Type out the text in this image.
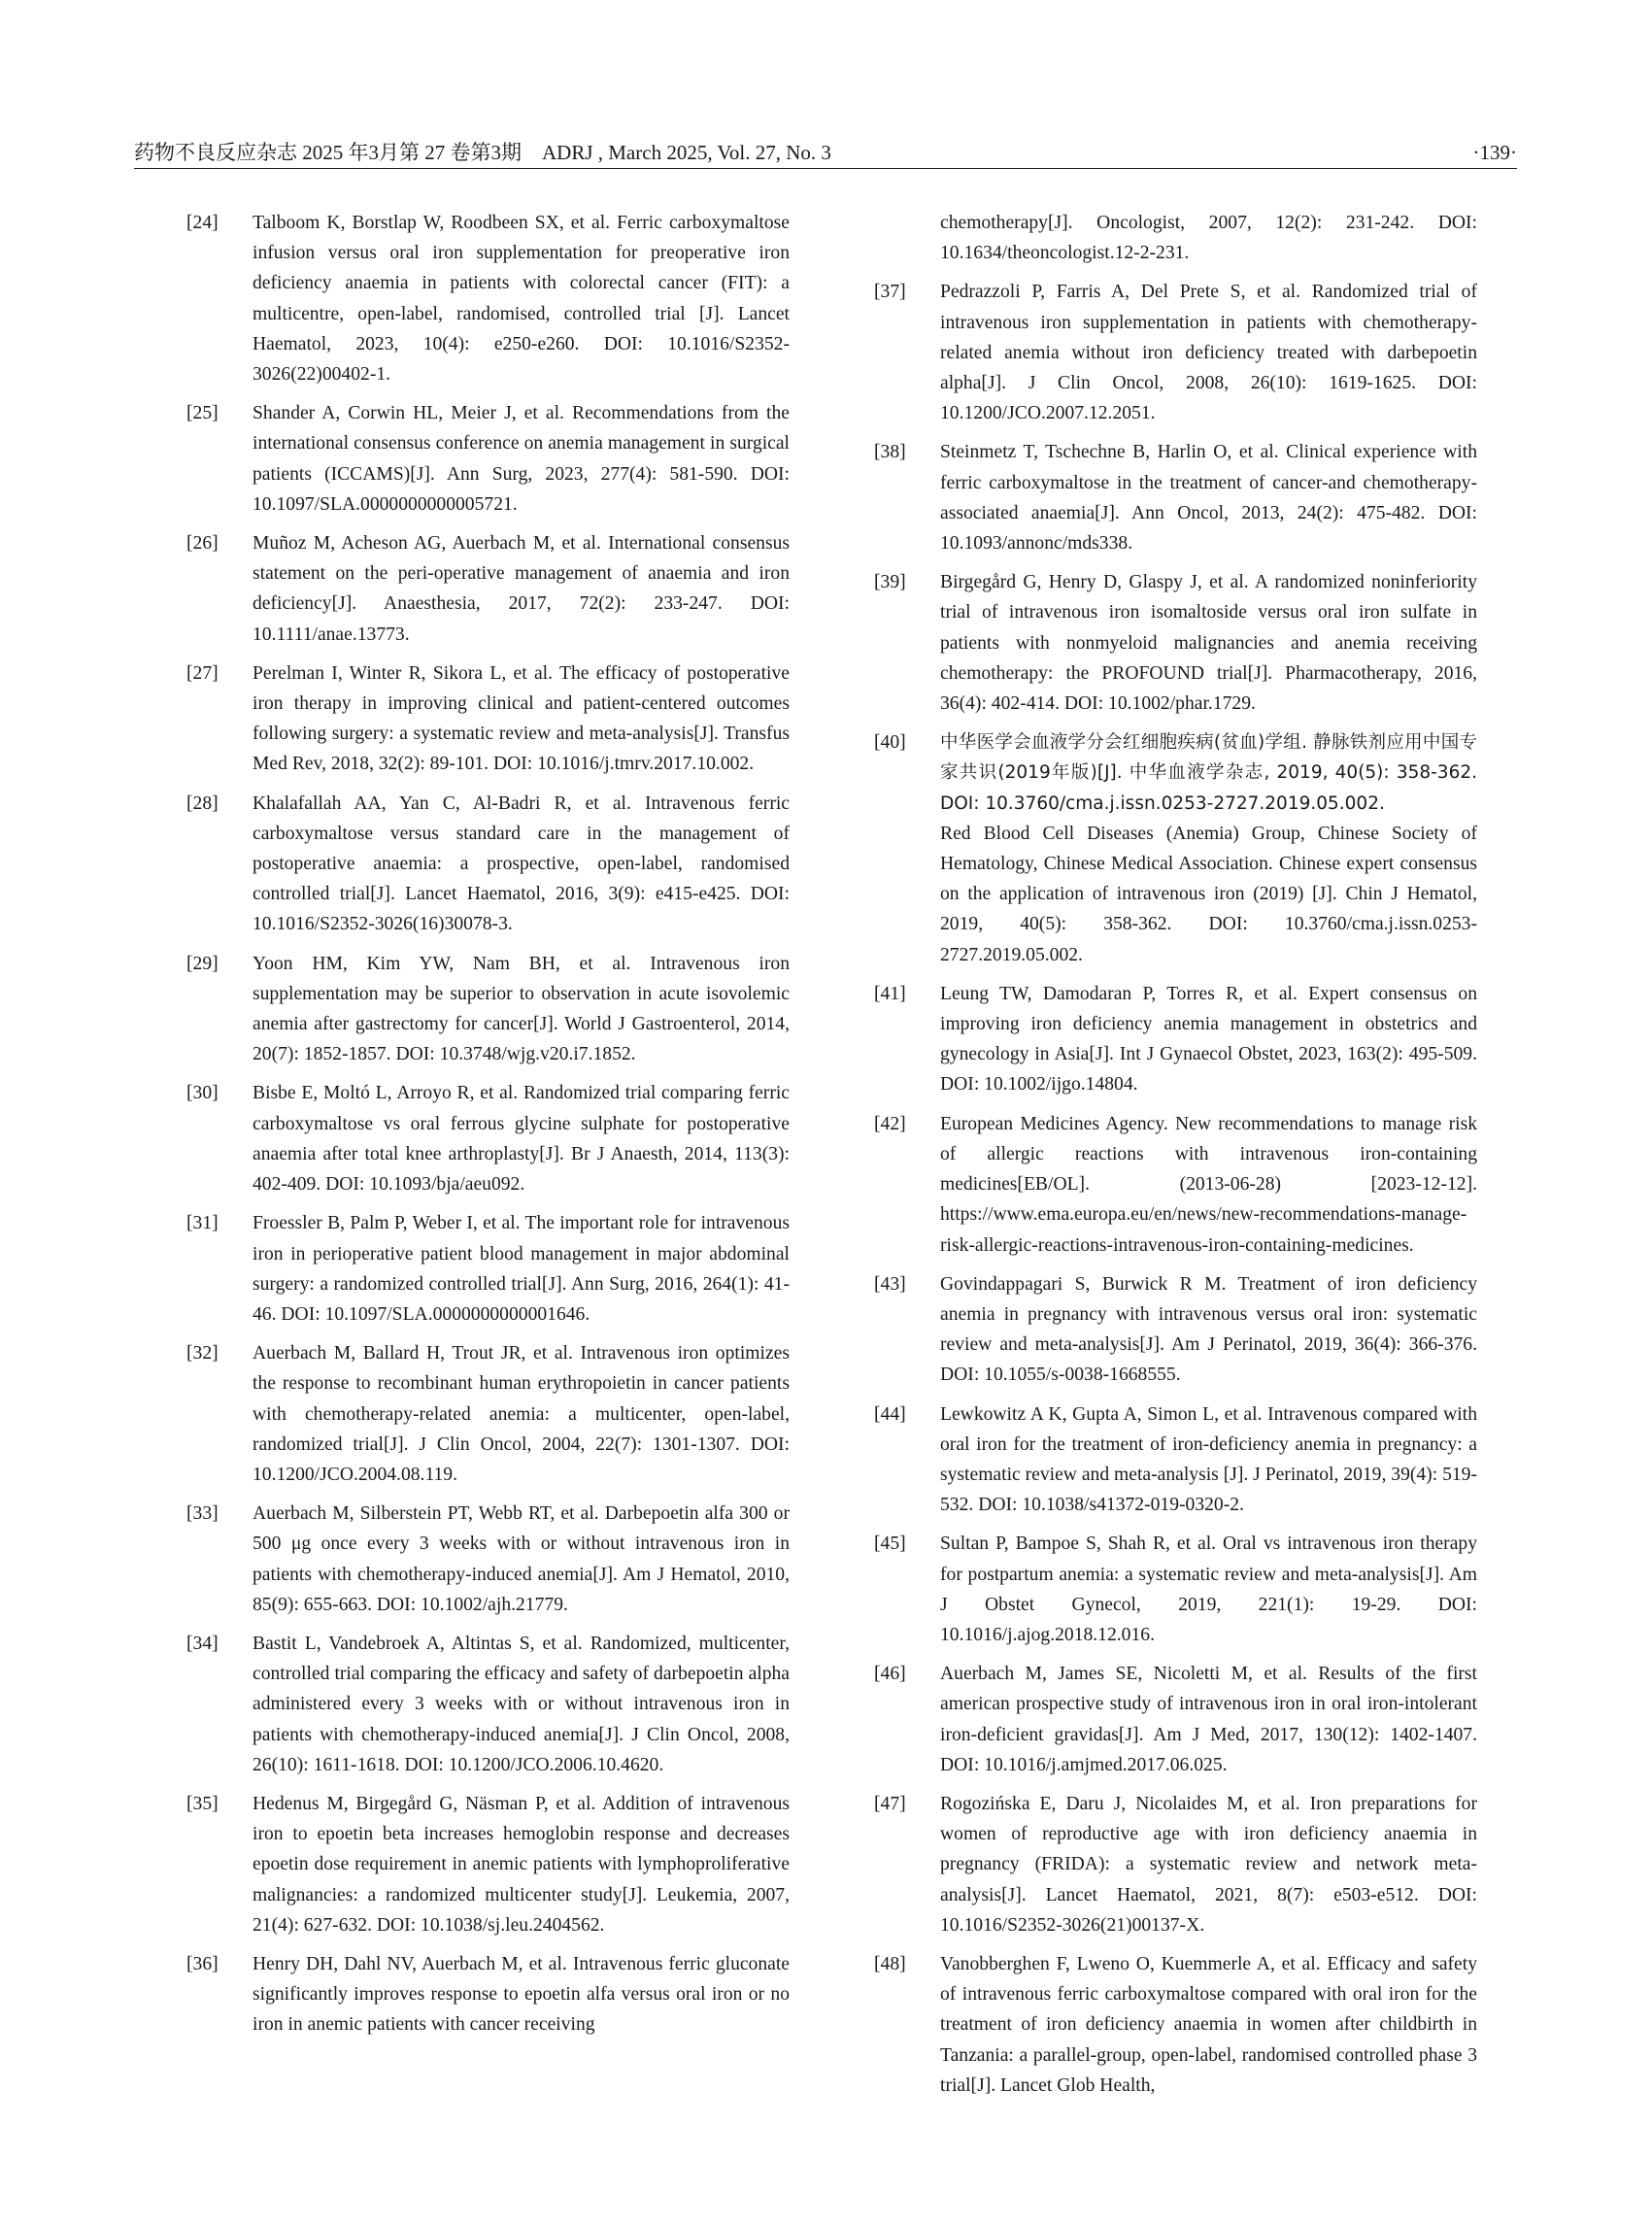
药物不良反应杂志 2025 年3月第 27 卷第3期　ADRJ , March 2025, Vol. 27, No. 3	·139·
[24] Talboom K, Borstlap W, Roodbeen SX, et al. Ferric carboxymaltose infusion versus oral iron supplementation for preoperative iron deficiency anaemia in patients with colorectal cancer (FIT): a multicentre, open-label, randomised, controlled trial [J]. Lancet Haematol, 2023, 10(4): e250-e260. DOI: 10.1016/S2352-3026(22)00402-1.
[25] Shander A, Corwin HL, Meier J, et al. Recommendations from the international consensus conference on anemia management in surgical patients (ICCAMS)[J]. Ann Surg, 2023, 277(4): 581-590. DOI: 10.1097/SLA.0000000000005721.
[26] Muñoz M, Acheson AG, Auerbach M, et al. International consensus statement on the peri-operative management of anaemia and iron deficiency[J]. Anaesthesia, 2017, 72(2): 233-247. DOI: 10.1111/anae.13773.
[27] Perelman I, Winter R, Sikora L, et al. The efficacy of postoperative iron therapy in improving clinical and patient-centered outcomes following surgery: a systematic review and meta-analysis[J]. Transfus Med Rev, 2018, 32(2): 89-101. DOI: 10.1016/j.tmrv.2017.10.002.
[28] Khalafallah AA, Yan C, Al-Badri R, et al. Intravenous ferric carboxymaltose versus standard care in the management of postoperative anaemia: a prospective, open-label, randomised controlled trial[J]. Lancet Haematol, 2016, 3(9): e415-e425. DOI: 10.1016/S2352-3026(16)30078-3.
[29] Yoon HM, Kim YW, Nam BH, et al. Intravenous iron supplementation may be superior to observation in acute isovolemic anemia after gastrectomy for cancer[J]. World J Gastroenterol, 2014, 20(7): 1852-1857. DOI: 10.3748/wjg.v20.i7.1852.
[30] Bisbe E, Moltó L, Arroyo R, et al. Randomized trial comparing ferric carboxymaltose vs oral ferrous glycine sulphate for postoperative anaemia after total knee arthroplasty[J]. Br J Anaesth, 2014, 113(3): 402-409. DOI: 10.1093/bja/aeu092.
[31] Froessler B, Palm P, Weber I, et al. The important role for intravenous iron in perioperative patient blood management in major abdominal surgery: a randomized controlled trial[J]. Ann Surg, 2016, 264(1): 41-46. DOI: 10.1097/SLA.0000000000001646.
[32] Auerbach M, Ballard H, Trout JR, et al. Intravenous iron optimizes the response to recombinant human erythropoietin in cancer patients with chemotherapy-related anemia: a multicenter, open-label, randomized trial[J]. J Clin Oncol, 2004, 22(7): 1301-1307. DOI: 10.1200/JCO.2004.08.119.
[33] Auerbach M, Silberstein PT, Webb RT, et al. Darbepoetin alfa 300 or 500 μg once every 3 weeks with or without intravenous iron in patients with chemotherapy-induced anemia[J]. Am J Hematol, 2010, 85(9): 655-663. DOI: 10.1002/ajh.21779.
[34] Bastit L, Vandebroek A, Altintas S, et al. Randomized, multicenter, controlled trial comparing the efficacy and safety of darbepoetin alpha administered every 3 weeks with or without intravenous iron in patients with chemotherapy-induced anemia[J]. J Clin Oncol, 2008, 26(10): 1611-1618. DOI: 10.1200/JCO.2006.10.4620.
[35] Hedenus M, Birgegård G, Näsman P, et al. Addition of intravenous iron to epoetin beta increases hemoglobin response and decreases epoetin dose requirement in anemic patients with lymphoproliferative malignancies: a randomized multicenter study[J]. Leukemia, 2007, 21(4): 627-632. DOI: 10.1038/sj.leu.2404562.
[36] Henry DH, Dahl NV, Auerbach M, et al. Intravenous ferric gluconate significantly improves response to epoetin alfa versus oral iron or no iron in anemic patients with cancer receiving
chemotherapy[J]. Oncologist, 2007, 12(2): 231-242. DOI: 10.1634/theoncologist.12-2-231.
[37] Pedrazzoli P, Farris A, Del Prete S, et al. Randomized trial of intravenous iron supplementation in patients with chemotherapy-related anemia without iron deficiency treated with darbepoetin alpha[J]. J Clin Oncol, 2008, 26(10): 1619-1625. DOI: 10.1200/JCO.2007.12.2051.
[38] Steinmetz T, Tschechne B, Harlin O, et al. Clinical experience with ferric carboxymaltose in the treatment of cancer-and chemotherapy-associated anaemia[J]. Ann Oncol, 2013, 24(2): 475-482. DOI: 10.1093/annonc/mds338.
[39] Birgegård G, Henry D, Glaspy J, et al. A randomized noninferiority trial of intravenous iron isomaltoside versus oral iron sulfate in patients with nonmyeloid malignancies and anemia receiving chemotherapy: the PROFOUND trial[J]. Pharmacotherapy, 2016, 36(4): 402-414. DOI: 10.1002/phar.1729.
[40] 中华医学会血液学分会红细胞疾病(贫血)学组. 静脉铁剂应用中国专家共识(2019年版)[J]. 中华血液学杂志, 2019, 40(5): 358-362. DOI: 10.3760/cma.j.issn.0253-2727.2019.05.002.
Red Blood Cell Diseases (Anemia) Group, Chinese Society of Hematology, Chinese Medical Association. Chinese expert consensus on the application of intravenous iron (2019) [J]. Chin J Hematol, 2019, 40(5): 358-362. DOI: 10.3760/cma.j.issn.0253-2727.2019.05.002.
[41] Leung TW, Damodaran P, Torres R, et al. Expert consensus on improving iron deficiency anemia management in obstetrics and gynecology in Asia[J]. Int J Gynaecol Obstet, 2023, 163(2): 495-509. DOI: 10.1002/ijgo.14804.
[42] European Medicines Agency. New recommendations to manage risk of allergic reactions with intravenous iron-containing medicines[EB/OL]. (2013-06-28) [2023-12-12]. https://www.ema.europa.eu/en/news/new-recommendations-manage-risk-allergic-reactions-intravenous-iron-containing-medicines.
[43] Govindappagari S, Burwick R M. Treatment of iron deficiency anemia in pregnancy with intravenous versus oral iron: systematic review and meta-analysis[J]. Am J Perinatol, 2019, 36(4): 366-376. DOI: 10.1055/s-0038-1668555.
[44] Lewkowitz A K, Gupta A, Simon L, et al. Intravenous compared with oral iron for the treatment of iron-deficiency anemia in pregnancy: a systematic review and meta-analysis [J]. J Perinatol, 2019, 39(4): 519-532. DOI: 10.1038/s41372-019-0320-2.
[45] Sultan P, Bampoe S, Shah R, et al. Oral vs intravenous iron therapy for postpartum anemia: a systematic review and meta-analysis[J]. Am J Obstet Gynecol, 2019, 221(1): 19-29. DOI: 10.1016/j.ajog.2018.12.016.
[46] Auerbach M, James SE, Nicoletti M, et al. Results of the first american prospective study of intravenous iron in oral iron-intolerant iron-deficient gravidas[J]. Am J Med, 2017, 130(12): 1402-1407. DOI: 10.1016/j.amjmed.2017.06.025.
[47] Rogozińska E, Daru J, Nicolaides M, et al. Iron preparations for women of reproductive age with iron deficiency anaemia in pregnancy (FRIDA): a systematic review and network meta-analysis[J]. Lancet Haematol, 2021, 8(7): e503-e512. DOI: 10.1016/S2352-3026(21)00137-X.
[48] Vanobberghen F, Lweno O, Kuemmerle A, et al. Efficacy and safety of intravenous ferric carboxymaltose compared with oral iron for the treatment of iron deficiency anaemia in women after childbirth in Tanzania: a parallel-group, open-label, randomised controlled phase 3 trial[J]. Lancet Glob Health,
